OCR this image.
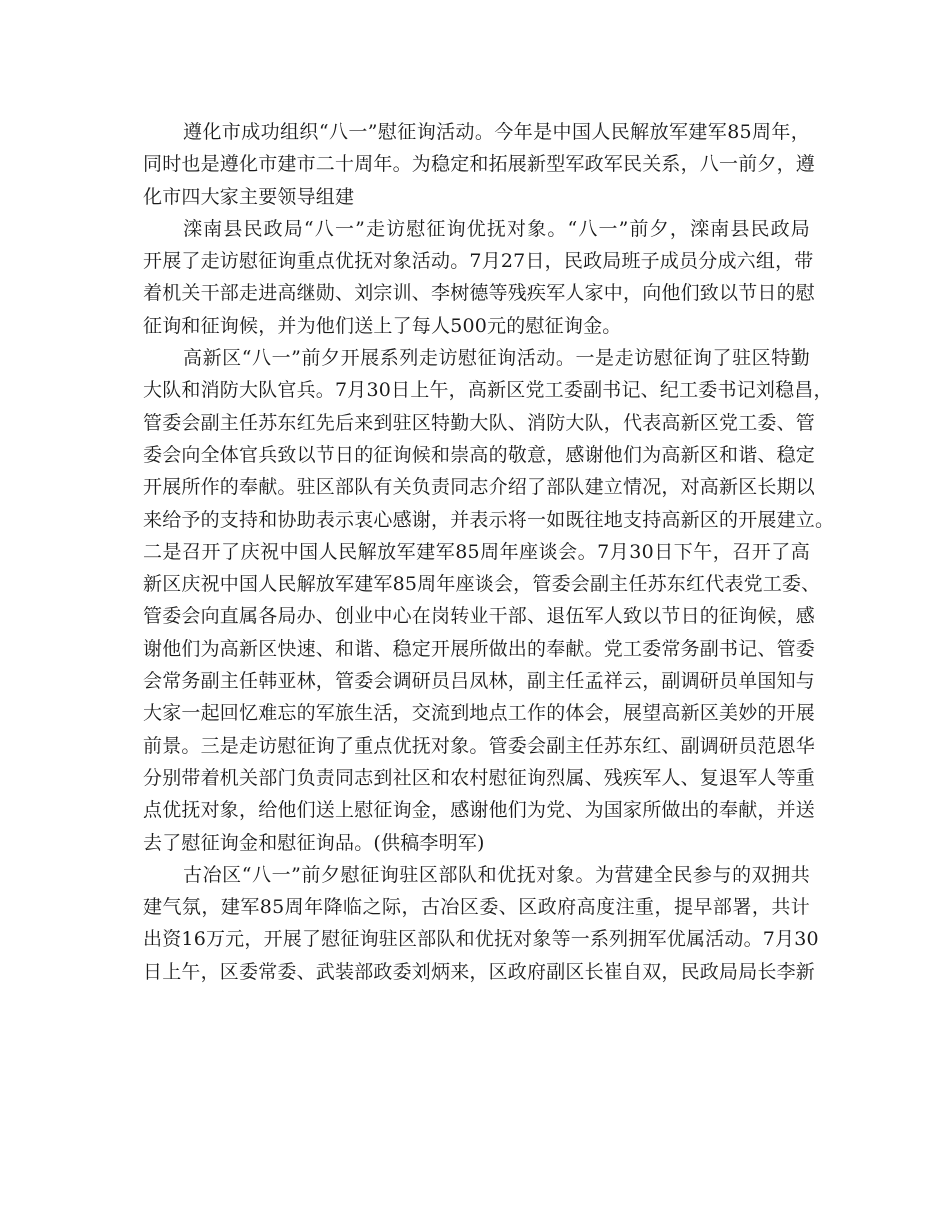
遵化市成功组织“八一”慰征询活动。今年是中国人民解放军建军85周年，
同时也是遵化市建市二十周年。为稳定和拓展新型军政军民关系，八一前夕，遵
化市四大家主要领导组建
滦南县民政局“八一”走访慰征询优抚对象。“八一”前夕，滦南县民政局
开展了走访慰征询重点优抚对象活动。7月27日，民政局班子成员分成六组，带
着机关干部走进高继勋、刘宗训、李树德等残疾军人家中，向他们致以节日的慰
征询和征询候，并为他们送上了每人500元的慰征询金。
高新区“八一”前夕开展系列走访慰征询活动。一是走访慰征询了驻区特勤
大队和消防大队官兵。7月30日上午，高新区党工委副书记、纪工委书记刘稳昌，
管委会副主任苏东红先后来到驻区特勤大队、消防大队，代表高新区党工委、管
委会向全体官兵致以节日的征询候和崇高的敬意，感谢他们为高新区和谐、稳定
开展所作的奉献。驻区部队有关负责同志介绍了部队建立情况，对高新区长期以
来给予的支持和协助表示衷心感谢，并表示将一如既往地支持高新区的开展建立。
二是召开了庆祝中国人民解放军建军85周年座谈会。7月30日下午，召开了高
新区庆祝中国人民解放军建军85周年座谈会，管委会副主任苏东红代表党工委、
管委会向直属各局办、创业中心在岗转业干部、退伍军人致以节日的征询候，感
谢他们为高新区快速、和谐、稳定开展所做出的奉献。党工委常务副书记、管委
会常务副主任韩亚林，管委会调研员吕凤林，副主任孟祥云，副调研员单国知与
大家一起回忆难忘的军旅生活，交流到地点工作的体会，展望高新区美妙的开展
前景。三是走访慰征询了重点优抚对象。管委会副主任苏东红、副调研员范恩华
分别带着机关部门负责同志到社区和农村慰征询烈属、残疾军人、复退军人等重
点优抚对象，给他们送上慰征询金，感谢他们为党、为国家所做出的奉献，并送
去了慰征询金和慰征询品。(供稿李明军)
古冶区“八一”前夕慰征询驻区部队和优抚对象。为营建全民参与的双拥共
建气氛，建军85周年降临之际，古冶区委、区政府高度注重，提早部署，共计
出资16万元，开展了慰征询驻区部队和优抚对象等一系列拥军优属活动。7月30
日上午，区委常委、武装部政委刘炳来，区政府副区长崔自双，民政局局长李新
